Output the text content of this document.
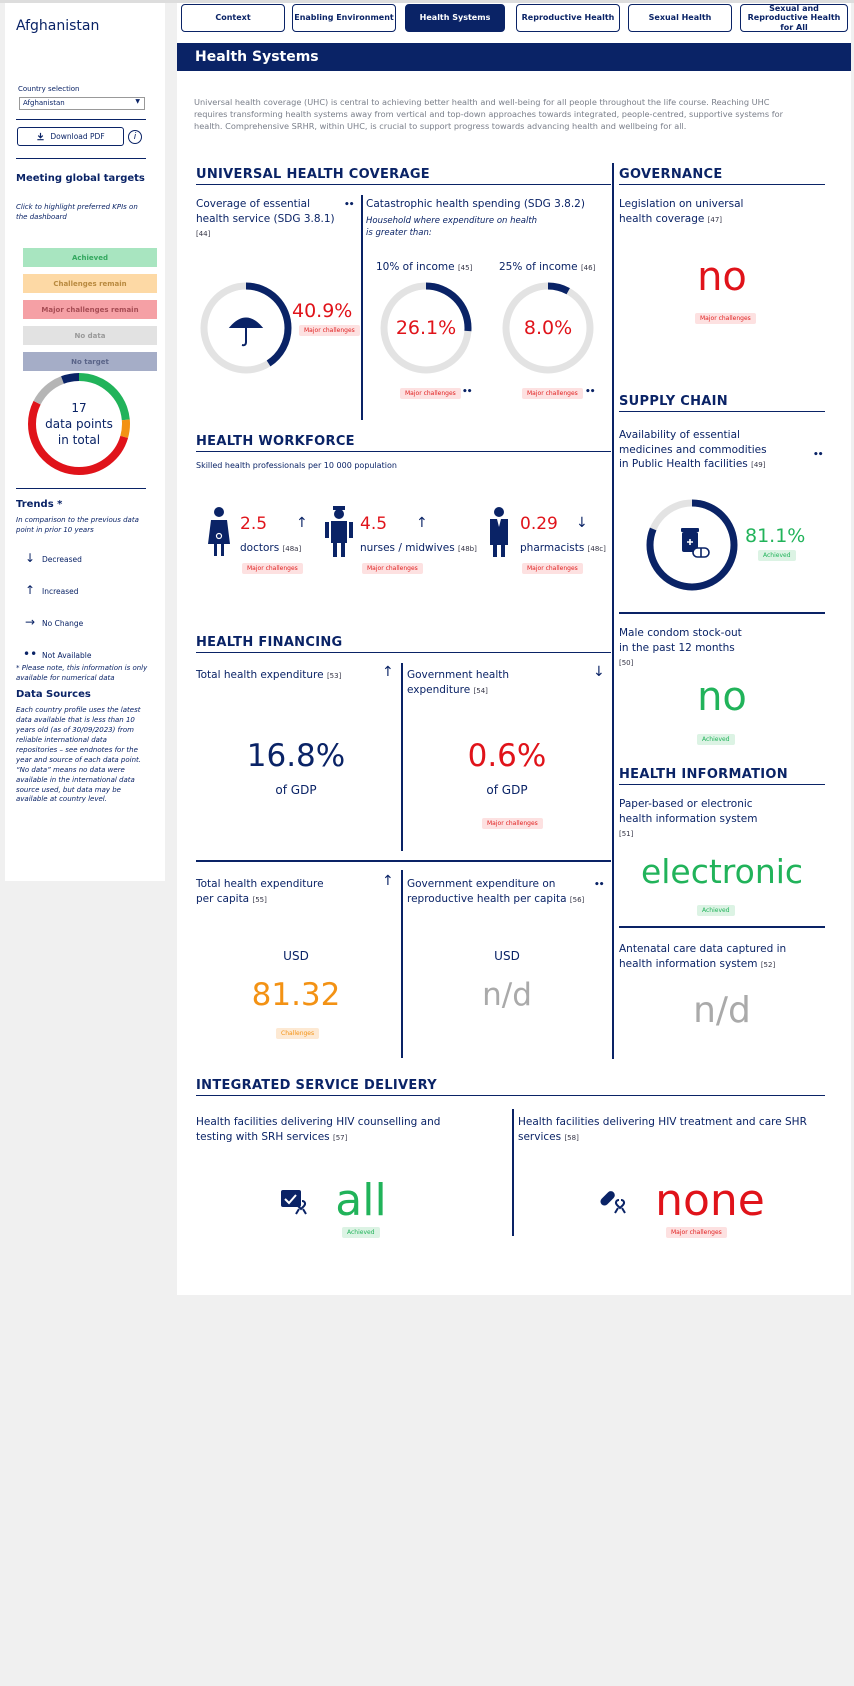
Afghanistan
Country selection
Afghanistan	▼
Download PDF	i
Meeting global targets
Click to highlight preferred KPIs on the dashboard
Achieved
Challenges remain
Major challenges remain
No data
No target
17
data points
in total
Trends *
In comparison to the previous data point in prior 10 years
↓ Decreased
↑ Increased
→ No Change
•• Not Available
* Please note, this information is only available for numerical data
Data Sources
Each country profile uses the latest data available that is less than 10 years old (as of 30/09/2023) from reliable international data repositories – see endnotes for the year and source of each data point. “No data” means no data were available in the international data source used, but data may be available at country level.
Context	Enabling Environment	Health Systems	Reproductive Health	Sexual Health
Sexual and Reproductive Health for All
Health Systems
Universal health coverage (UHC) is central to achieving better health and well-being for all people throughout the life course. Reaching UHC requires transforming health systems away from vertical and top-down approaches towards integrated, people-centred, supportive systems for health. Comprehensive SRHR, within UHC, is crucial to support progress towards advancing health and wellbeing for all.
UNIVERSAL HEALTH COVERAGE
Coverage of essential health service (SDG 3.8.1) [44]
••
40.9%
Major challenges
Catastrophic health spending (SDG 3.8.2)
Household where expenditure on health is greater than:
10% of income [45]	25% of income [46]
26.1%	8.0%
Major challenges ••	Major challenges ••
GOVERNANCE
Legislation on universal health coverage [47]
no
Major challenges
SUPPLY CHAIN
Availability of essential medicines and commodities in Public Health facilities [49]
••
81.1%
Achieved
Male condom stock-out in the past 12 months [50]
no
Achieved
HEALTH WORKFORCE
Skilled health professionals per 10 000 population
2.5 ↑
doctors [48a]
Major challenges
4.5 ↑
nurses / midwives [48b]
Major challenges
0.29 ↓
pharmacists [48c]
Major challenges
HEALTH FINANCING
Total health expenditure [53]	↑
16.8%
of GDP
Government health expenditure [54]
↓
0.6%
of GDP
Major challenges
Total health expenditure per capita [55]
↑
USD
81.32
Challenges
Government expenditure on reproductive health per capita [56]
••
USD
n/d
HEALTH INFORMATION
Paper-based or electronic health information system [51]
electronic
Achieved
Antenatal care data captured in health information system [52]
n/d
INTEGRATED SERVICE DELIVERY
Health facilities delivering HIV counselling and testing with SRH services [57]
all
Achieved
Health facilities delivering HIV treatment and care SHR services [58]
none
Major challenges
